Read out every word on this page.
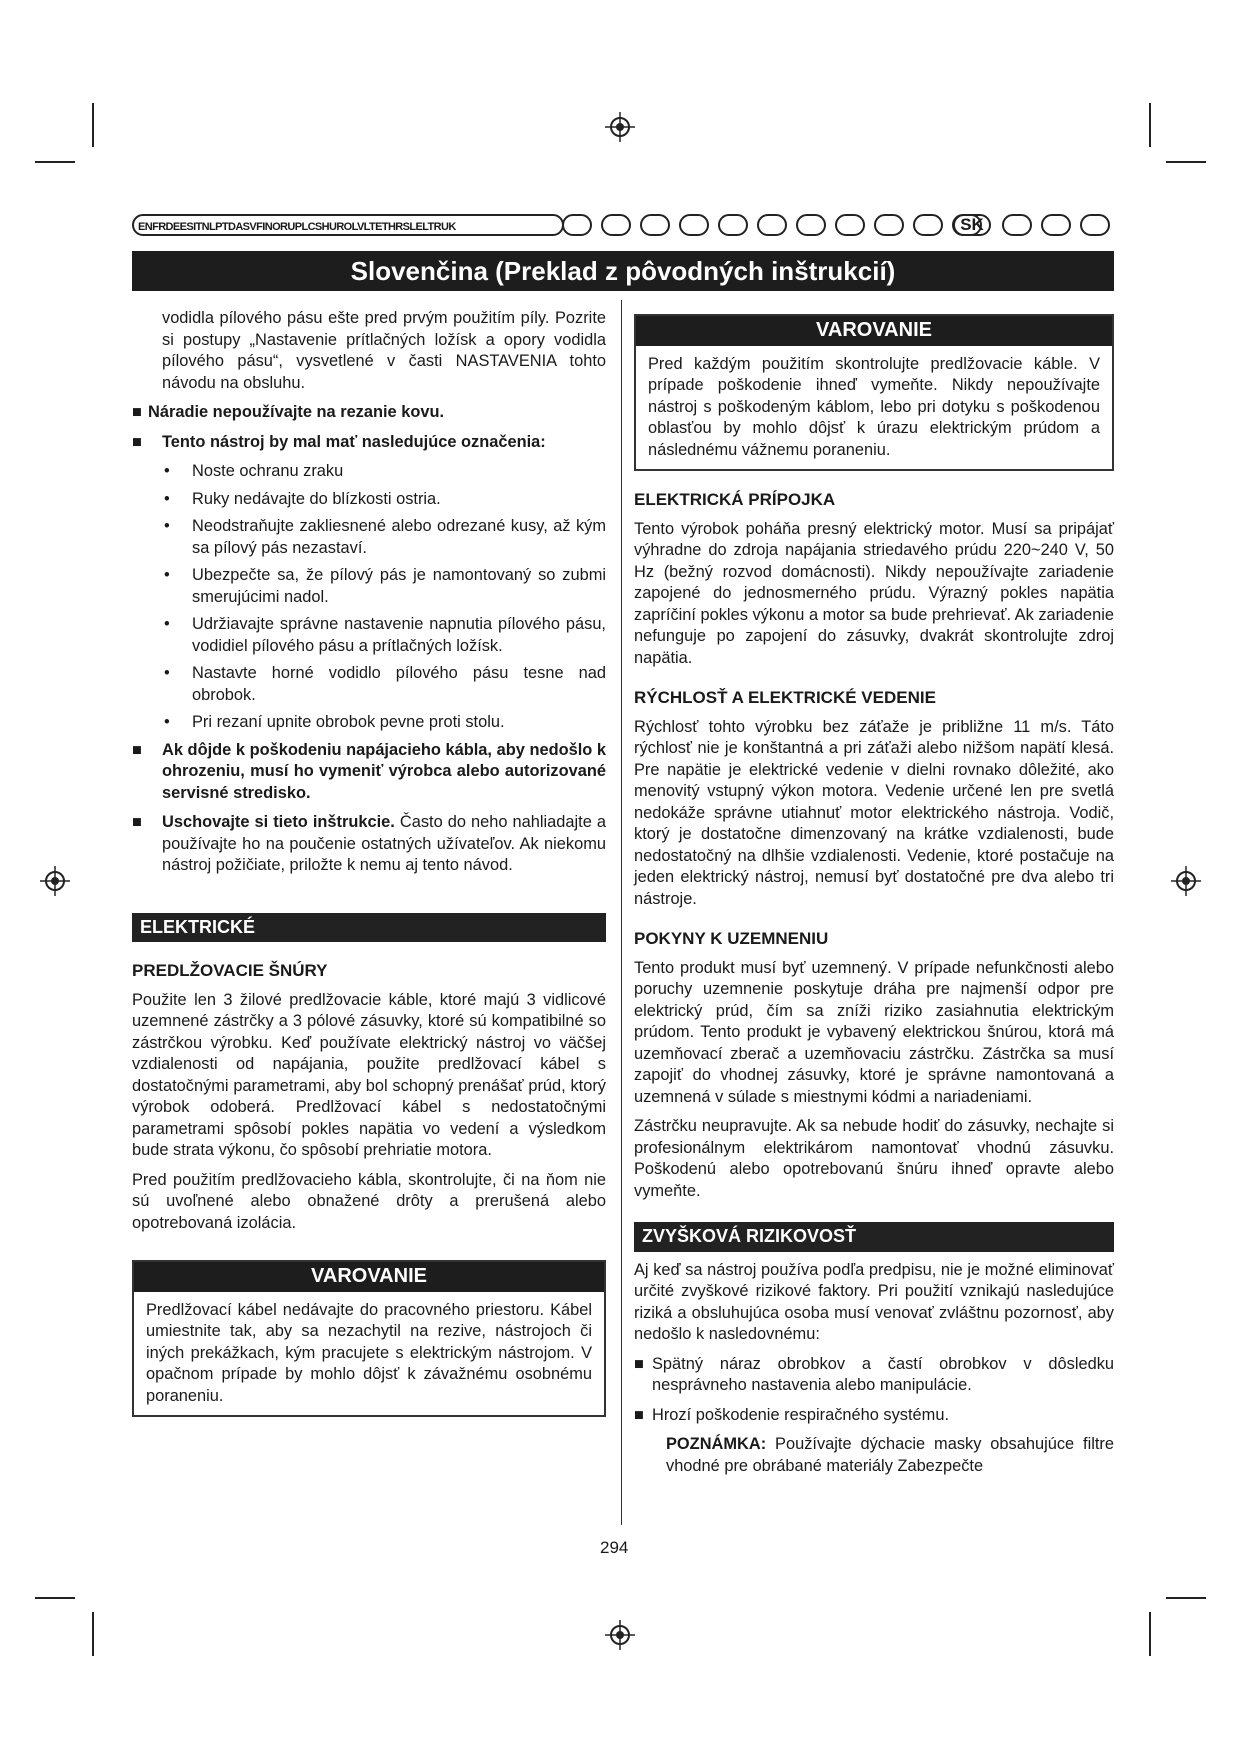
ENFRDEESITNLPTDASVFINORUPLCSHUROLVLTETHRSLELTRUK	SK
Slovenčina (Preklad z pôvodných inštrukcií)

vodidla pílového pásu ešte pred prvým použitím píly. Pozrite si postupy „Nastavenie prítlačných ložísk a opory vodidla pílového pásu“, vysvetlené v časti NASTAVENIA tohto návodu na obsluhu.

■ Náradie nepoužívajte na rezanie kovu.
■ Tento nástroj by mal mať nasledujúce označenia:
• Noste ochranu zraku
• Ruky nedávajte do blízkosti ostria.
• Neodstraňujte zakliesnené alebo odrezané kusy, až kým sa pílový pás nezastaví.
• Ubezpečte sa, že pílový pás je namontovaný so zubmi smerujúcimi nadol.
• Udržiavajte správne nastavenie napnutia pílového pásu, vodidiel pílového pásu a prítlačných ložísk.
• Nastavte horné vodidlo pílového pásu tesne nad obrobok.
• Pri rezaní upnite obrobok pevne proti stolu.
■ Ak dôjde k poškodeniu napájacieho kábla, aby nedošlo k ohrozeniu, musí ho vymeniť výrobca alebo autorizované servisné stredisko.
■ Uschovajte si tieto inštrukcie. Často do neho nahliadajte a používajte ho na poučenie ostatných užívateľov. Ak niekomu nástroj požičiate, priložte k nemu aj tento návod.
ELEKTRICKÉ
PREDLŽOVACIE ŠNÚRY

Použite len 3 žilové predlžovacie káble, ktoré majú 3 vidlicové uzemnené zástrčky a 3 pólové zásuvky, ktoré sú kompatibilné so zástrčkou výrobku. Keď používate elektrický nástroj vo väčšej vzdialenosti od napájania, použite predlžovací kábel s dostatočnými parametrami, aby bol schopný prenášať prúd, ktorý výrobok odoberá. Predlžovací kábel s nedostatočnými parametrami spôsobí pokles napätia vo vedení a výsledkom bude strata výkonu, čo spôsobí prehriatie motora.

Pred použitím predlžovacieho kábla, skontrolujte, či na ňom nie sú uvoľnené alebo obnažené drôty a prerušená alebo opotrebovaná izolácia.

VAROVANIE
Predlžovací kábel nedávajte do pracovného priestoru. Kábel umiestnite tak, aby sa nezachytil na rezive, nástrojoch či iných prekážkach, kým pracujete s elektrickým nástrojom. V opačnom prípade by mohlo dôjsť k závažnému osobnému poraneniu.
VAROVANIE
Pred každým použitím skontrolujte predlžovacie káble. V prípade poškodenie ihneď vymeňte. Nikdy nepoužívajte nástroj s poškodeným káblom, lebo pri dotyku s poškodenou oblasťou by mohlo dôjsť k úrazu elektrickým prúdom a následnému vážnemu poraneniu.
ELEKTRICKÁ PRÍPOJKA

Tento výrobok poháňa presný elektrický motor. Musí sa pripájať výhradne do zdroja napájania striedavého prúdu 220~240 V, 50 Hz (bežný rozvod domácnosti). Nikdy nepoužívajte zariadenie zapojené do jednosmerného prúdu. Výrazný pokles napätia zapríčiní pokles výkonu a motor sa bude prehrievať. Ak zariadenie nefunguje po zapojení do zásuvky, dvakrát skontrolujte zdroj napätia.

RÝCHLOSŤ A ELEKTRICKÉ VEDENIE

Rýchlosť tohto výrobku bez záťaže je približne 11 m/s. Táto rýchlosť nie je konštantná a pri záťaži alebo nižšom napätí klesá. Pre napätie je elektrické vedenie v dielni rovnako dôležité, ako menovitý vstupný výkon motora. Vedenie určené len pre svetlá nedokáže správne utiahnuť motor elektrického nástroja. Vodič, ktorý je dostatočne dimenzovaný na krátke vzdialenosti, bude nedostatočný na dlhšie vzdialenosti. Vedenie, ktoré postačuje na jeden elektrický nástroj, nemusí byť dostatočné pre dva alebo tri nástroje.

POKYNY K UZEMNENIU

Tento produkt musí byť uzemnený. V prípade nefunkčnosti alebo poruchy uzemnenie poskytuje dráha pre najmenší odpor pre elektrický prúd, čím sa zníži riziko zasiahnutia elektrickým prúdom. Tento produkt je vybavený elektrickou šnúrou, ktorá má uzemňovací zberač a uzemňovaciu zástrčku. Zástrčka sa musí zapojiť do vhodnej zásuvky, ktoré je správne namontovaná a uzemnená v súlade s miestnymi kódmi a nariadeniami.

Zástrčku neupravujte. Ak sa nebude hodiť do zásuvky, nechajte si profesionálnym elektrikárom namontovať vhodnú zásuvku. Poškodenú alebo opotrebovanú šnúru ihneď opravte alebo vymeňte.

ZVYŠKOVÁ RIZIKOVOSŤ

Aj keď sa nástroj používa podľa predpisu, nie je možné eliminovať určité zvyškové rizikové faktory. Pri použití vznikajú nasledujúce riziká a obsluhujúca osoba musí venovať zvláštnu pozornosť, aby nedošlo k nasledovnému:

■ Spätný náraz obrobkov a častí obrobkov v dôsledku nesprávneho nastavenia alebo manipulácie.
■ Hrozí poškodenie respiračného systému.

POZNÁMKA: Používajte dýchacie masky obsahujúce filtre vhodné pre obrábané materiály Zabezpečte

294
